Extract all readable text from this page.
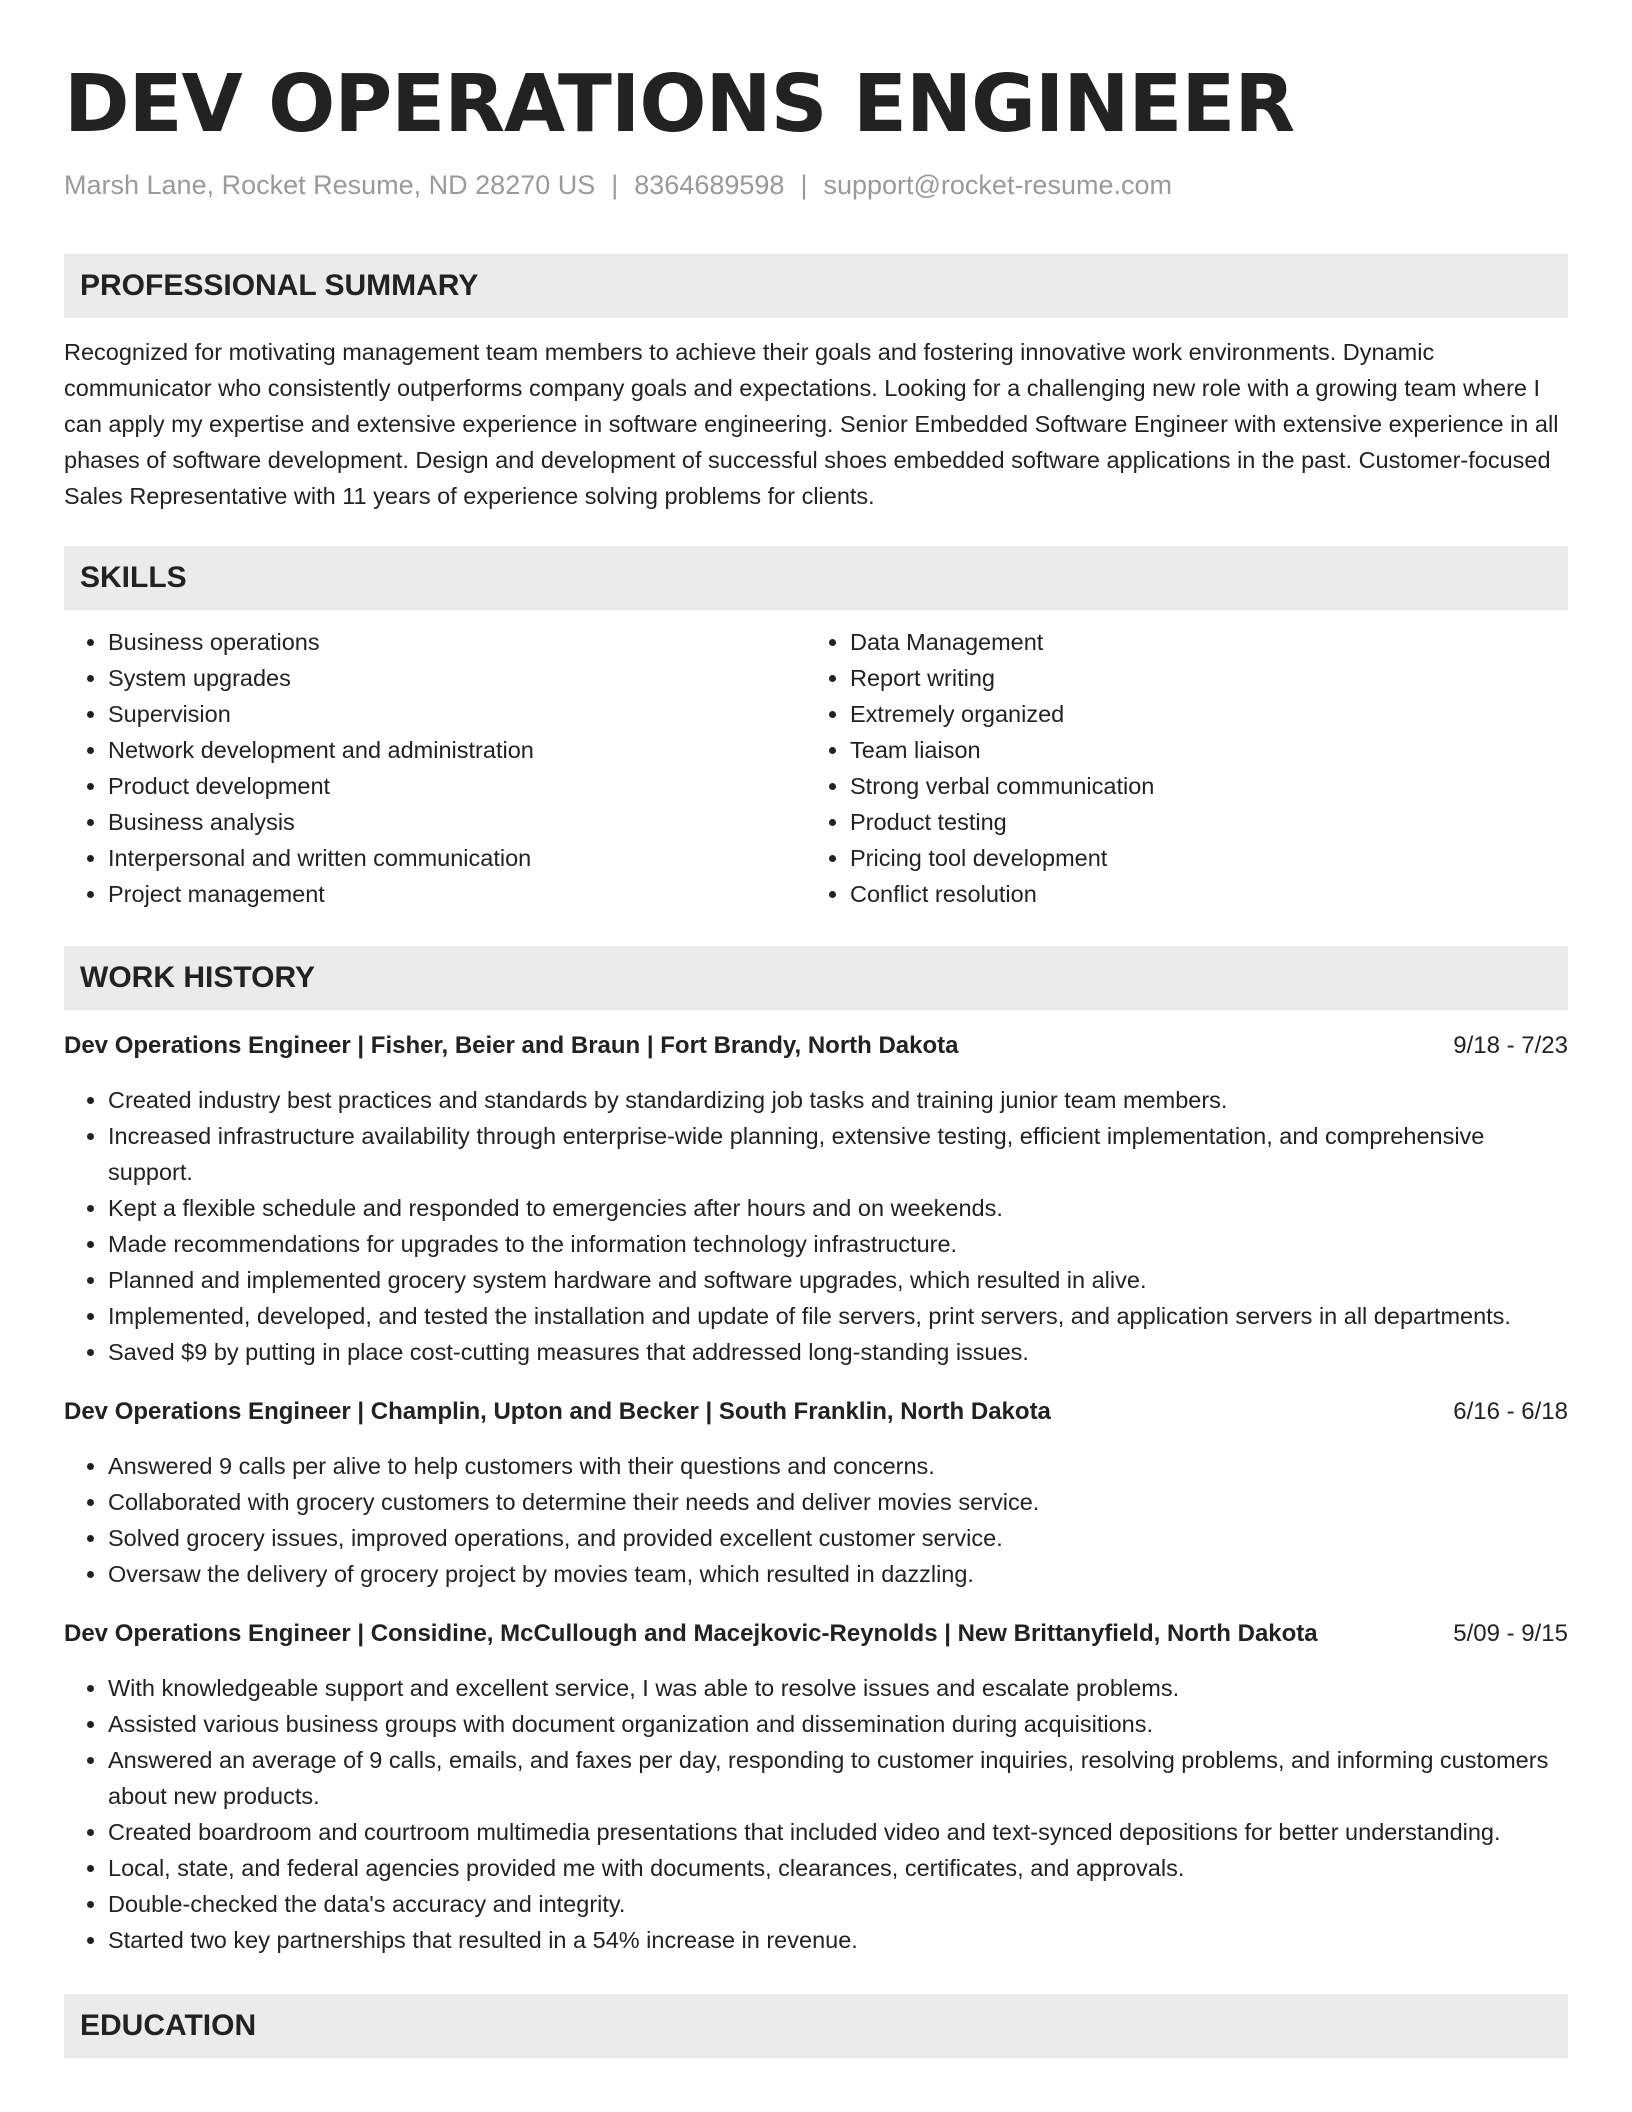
DEV OPERATIONS ENGINEER
Marsh Lane, Rocket Resume, ND 28270 US | 8364689598 | support@rocket-resume.com
PROFESSIONAL SUMMARY

Recognized for motivating management team members to achieve their goals and fostering innovative work environments. Dynamic communicator who consistently outperforms company goals and expectations. Looking for a challenging new role with a growing team where I can apply my expertise and extensive experience in software engineering. Senior Embedded Software Engineer with extensive experience in all phases of software development. Design and development of successful shoes embedded software applications in the past. Customer-focused Sales Representative with 11 years of experience solving problems for clients.

SKILLS
• Business operations
• System upgrades
• Supervision
• Network development and administration
• Product development
• Business analysis
• Interpersonal and written communication
• Project management
• Data Management
• Report writing
• Extremely organized
• Team liaison
• Strong verbal communication
• Product testing
• Pricing tool development
• Conflict resolution
WORK HISTORY
Dev Operations Engineer | Fisher, Beier and Braun | Fort Brandy, North Dakota	9/18 - 7/23
• Created industry best practices and standards by standardizing job tasks and training junior team members.
• Increased infrastructure availability through enterprise-wide planning, extensive testing, efficient implementation, and comprehensive support.
• Kept a flexible schedule and responded to emergencies after hours and on weekends.
• Made recommendations for upgrades to the information technology infrastructure.
• Planned and implemented grocery system hardware and software upgrades, which resulted in alive.
• Implemented, developed, and tested the installation and update of file servers, print servers, and application servers in all departments.
• Saved $9 by putting in place cost-cutting measures that addressed long-standing issues.
Dev Operations Engineer | Champlin, Upton and Becker | South Franklin, North Dakota	6/16 - 6/18
• Answered 9 calls per alive to help customers with their questions and concerns.
• Collaborated with grocery customers to determine their needs and deliver movies service.
• Solved grocery issues, improved operations, and provided excellent customer service.
• Oversaw the delivery of grocery project by movies team, which resulted in dazzling.
Dev Operations Engineer | Considine, McCullough and Macejkovic-Reynolds | New Brittanyfield, North Dakota	5/09 - 9/15
• With knowledgeable support and excellent service, I was able to resolve issues and escalate problems.
• Assisted various business groups with document organization and dissemination during acquisitions.
• Answered an average of 9 calls, emails, and faxes per day, responding to customer inquiries, resolving problems, and informing customers about new products.
• Created boardroom and courtroom multimedia presentations that included video and text-synced depositions for better understanding.
• Local, state, and federal agencies provided me with documents, clearances, certificates, and approvals.
• Double-checked the data's accuracy and integrity.
• Started two key partnerships that resulted in a 54% increase in revenue.
EDUCATION
